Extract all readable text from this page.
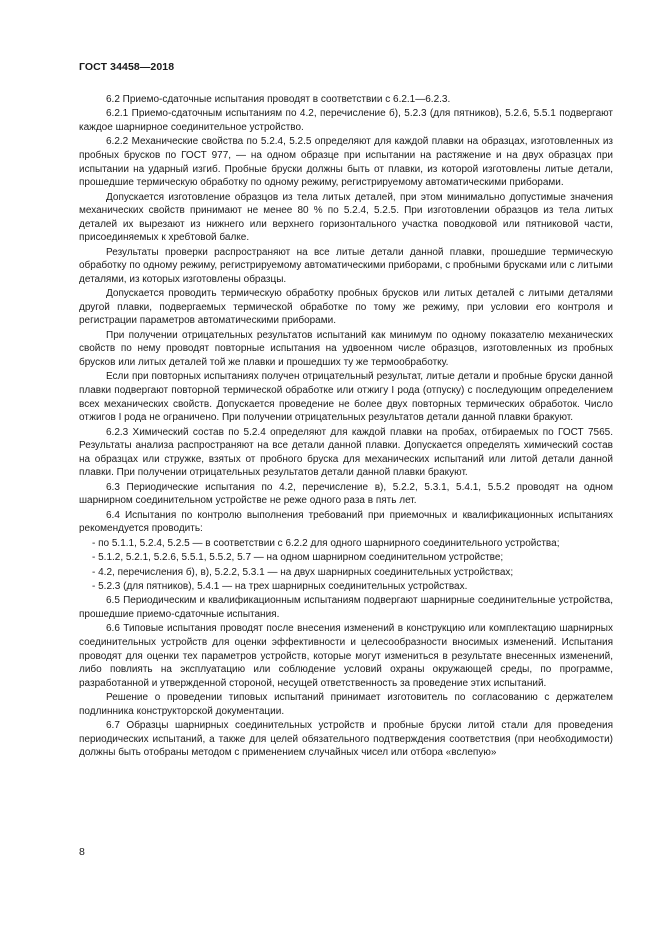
ГОСТ 34458—2018

6.2 Приемо-сдаточные испытания проводят в соответствии с 6.2.1—6.2.3.

6.2.1 Приемо-сдаточным испытаниям по 4.2, перечисление б), 5.2.3 (для пятников), 5.2.6, 5.5.1 подвергают каждое шарнирное соединительное устройство.

6.2.2 Механические свойства по 5.2.4, 5.2.5 определяют для каждой плавки на образцах, изготовленных из пробных брусков по ГОСТ 977, — на одном образце при испытании на растяжение и на двух образцах при испытании на ударный изгиб. Пробные бруски должны быть от плавки, из которой изготовлены литые детали, прошедшие термическую обработку по одному режиму, регистрируемому автоматическими приборами.

Допускается изготовление образцов из тела литых деталей, при этом минимально допустимые значения механических свойств принимают не менее 80 % по 5.2.4, 5.2.5. При изготовлении образцов из тела литых деталей их вырезают из нижнего или верхнего горизонтального участка поводковой или пятниковой части, присоединяемых к хребтовой балке.

Результаты проверки распространяют на все литые детали данной плавки, прошедшие термическую обработку по одному режиму, регистрируемому автоматическими приборами, с пробными брусками или с литыми деталями, из которых изготовлены образцы.

Допускается проводить термическую обработку пробных брусков или литых деталей с литыми деталями другой плавки, подвергаемых термической обработке по тому же режиму, при условии его контроля и регистрации параметров автоматическими приборами.

При получении отрицательных результатов испытаний как минимум по одному показателю механических свойств по нему проводят повторные испытания на удвоенном числе образцов, изготовленных из пробных брусков или литых деталей той же плавки и прошедших ту же термообработку.

Если при повторных испытаниях получен отрицательный результат, литые детали и пробные бруски данной плавки подвергают повторной термической обработке или отжигу I рода (отпуску) с последующим определением всех механических свойств. Допускается проведение не более двух повторных термических обработок. Число отжигов I рода не ограничено. При получении отрицательных результатов детали данной плавки бракуют.

6.2.3 Химический состав по 5.2.4 определяют для каждой плавки на пробах, отбираемых по ГОСТ 7565. Результаты анализа распространяют на все детали данной плавки. Допускается определять химический состав на образцах или стружке, взятых от пробного бруска для механических испытаний или литой детали данной плавки. При получении отрицательных результатов детали данной плавки бракуют.

6.3 Периодические испытания по 4.2, перечисление в), 5.2.2, 5.3.1, 5.4.1, 5.5.2 проводят на одном шарнирном соединительном устройстве не реже одного раза в пять лет.

6.4 Испытания по контролю выполнения требований при приемочных и квалификационных испытаниях рекомендуется проводить:

- по 5.1.1, 5.2.4, 5.2.5 — в соответствии с 6.2.2 для одного шарнирного соединительного устройства;

- 5.1.2, 5.2.1, 5.2.6, 5.5.1, 5.5.2, 5.7 — на одном шарнирном соединительном устройстве;

- 4.2, перечисления б), в), 5.2.2, 5.3.1 — на двух шарнирных соединительных устройствах;

- 5.2.3 (для пятников), 5.4.1 — на трех шарнирных соединительных устройствах.

6.5 Периодическим и квалификационным испытаниям подвергают шарнирные соединительные устройства, прошедшие приемо-сдаточные испытания.

6.6 Типовые испытания проводят после внесения изменений в конструкцию или комплектацию шарнирных соединительных устройств для оценки эффективности и целесообразности вносимых изменений. Испытания проводят для оценки тех параметров устройств, которые могут измениться в результате внесенных изменений, либо повлиять на эксплуатацию или соблюдение условий охраны окружающей среды, по программе, разработанной и утвержденной стороной, несущей ответственность за проведение этих испытаний.

Решение о проведении типовых испытаний принимает изготовитель по согласованию с держателем подлинника конструкторской документации.

6.7 Образцы шарнирных соединительных устройств и пробные бруски литой стали для проведения периодических испытаний, а также для целей обязательного подтверждения соответствия (при необходимости) должны быть отобраны методом с применением случайных чисел или отбора «вслепую»

8
